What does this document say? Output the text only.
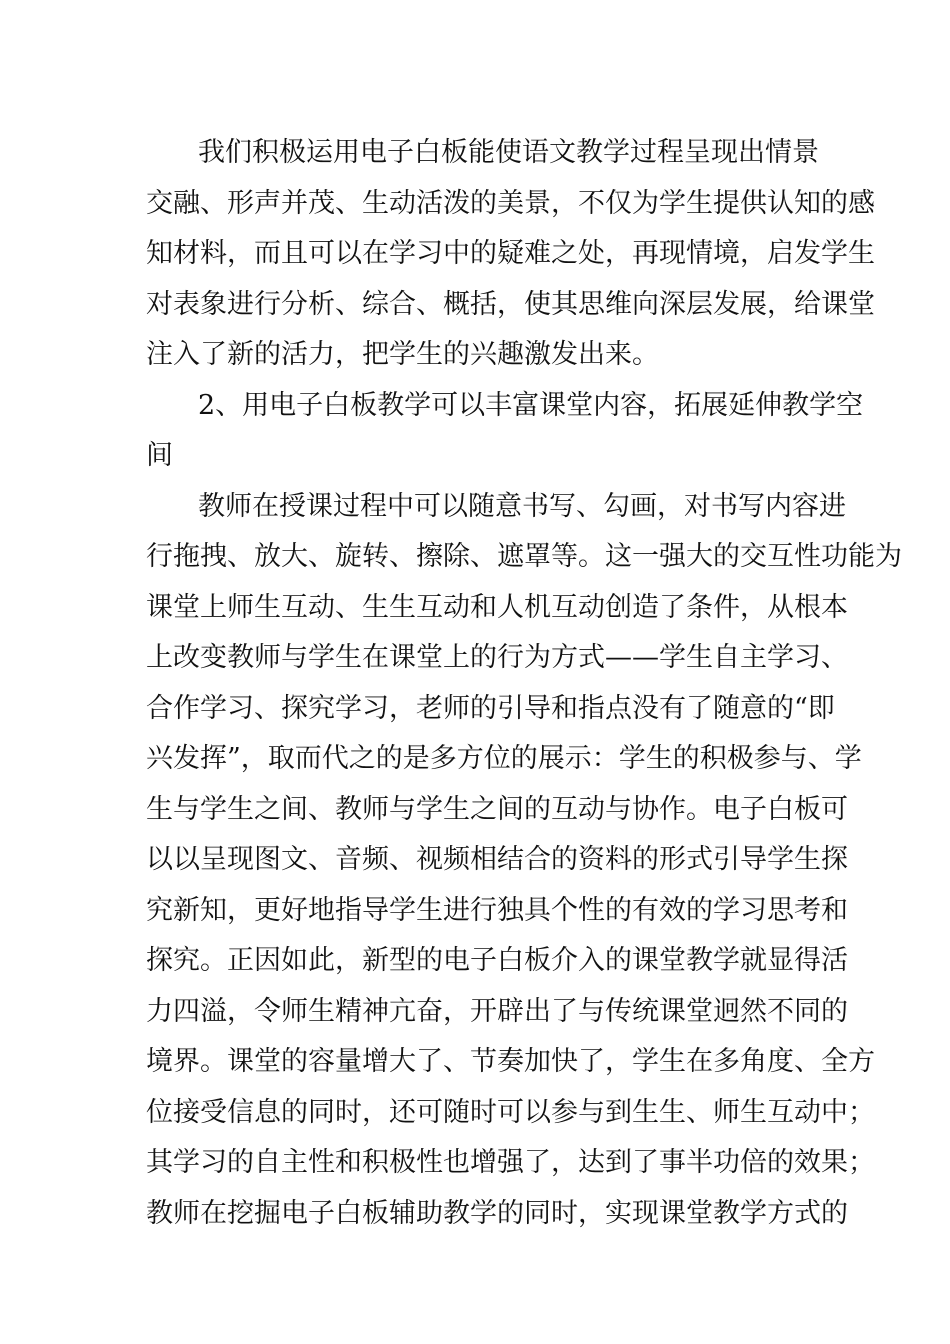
我们积极运用电子白板能使语文教学过程呈现出情景
交融、形声并茂、生动活泼的美景，不仅为学生提供认知的感
知材料，而且可以在学习中的疑难之处，再现情境，启发学生
对表象进行分析、综合、概括，使其思维向深层发展，给课堂
注入了新的活力，把学生的兴趣激发出来。
2、用电子白板教学可以丰富课堂内容，拓展延伸教学空
间
教师在授课过程中可以随意书写、勾画，对书写内容进
行拖拽、放大、旋转、擦除、遮罩等。这一强大的交互性功能为
课堂上师生互动、生生互动和人机互动创造了条件，从根本
上改变教师与学生在课堂上的行为方式——学生自主学习、
合作学习、探究学习，老师的引导和指点没有了随意的“即
兴发挥”，取而代之的是多方位的展示：学生的积极参与、学
生与学生之间、教师与学生之间的互动与协作。电子白板可
以以呈现图文、音频、视频相结合的资料的形式引导学生探
究新知，更好地指导学生进行独具个性的有效的学习思考和
探究。正因如此，新型的电子白板介入的课堂教学就显得活
力四溢，令师生精神亢奋，开辟出了与传统课堂迥然不同的
境界。课堂的容量增大了、节奏加快了，学生在多角度、全方
位接受信息的同时，还可随时可以参与到生生、师生互动中；
其学习的自主性和积极性也增强了，达到了事半功倍的效果；
教师在挖掘电子白板辅助教学的同时，实现课堂教学方式的
